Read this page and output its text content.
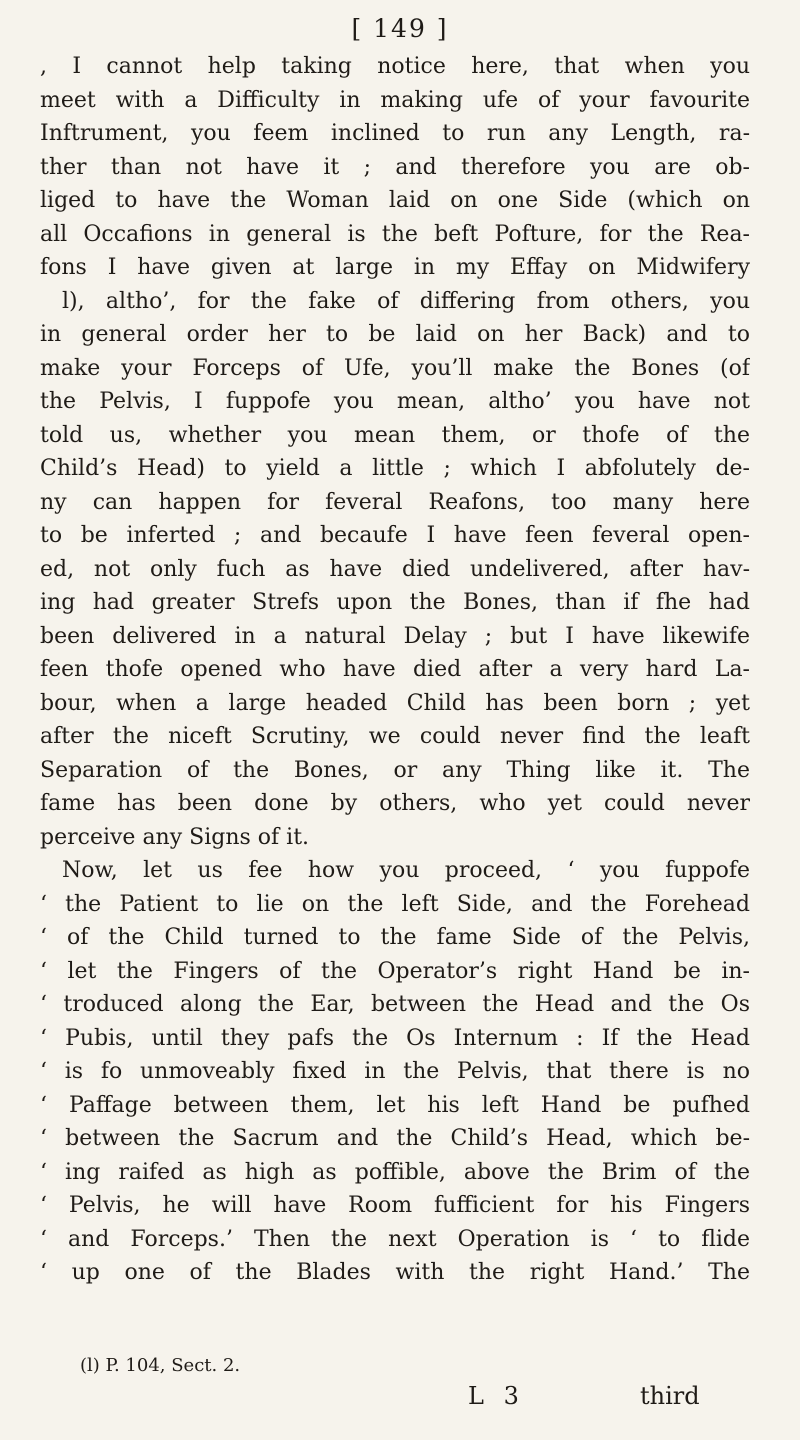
[ 149 ]
, I cannot help taking notice here, that when you
meet with a Difficulty in making ufe of your favourite
Inftrument, you feem inclined to run any Length, ra-
ther than not have it ; and therefore you are ob-
liged to have the Woman laid on one Side (which on
all Occafions in general is the beft Pofture, for the Rea-
fons I have given at large in my Effay on Midwifery
l), altho’, for the fake of differing from others, you
in general order her to be laid on her Back) and to
make your Forceps of Ufe, you’ll make the Bones (of
the Pelvis, I fuppofe you mean, altho’ you have not
told us, whether you mean them, or thofe of the
Child’s Head) to yield a little ; which I abfolutely de-
ny can happen for feveral Reafons, too many here
to be inferted ; and becaufe I have feen feveral open-
ed, not only fuch as have died undelivered, after hav-
ing had greater Strefs upon the Bones, than if fhe had
been delivered in a natural Delay ; but I have likewife
feen thofe opened who have died after a very hard La-
bour, when a large headed Child has been born ; yet
after the niceft Scrutiny, we could never find the leaft
Separation of the Bones, or any Thing like it. The
fame has been done by others, who yet could never
perceive any Signs of it.
Now, let us fee how you proceed, ‘ you fuppofe
‘ the Patient to lie on the left Side, and the Forehead
‘ of the Child turned to the fame Side of the Pelvis,
‘ let the Fingers of the Operator’s right Hand be in-
‘ troduced along the Ear, between the Head and the Os
‘ Pubis, until they pafs the Os Internum : If the Head
‘ is fo unmoveably fixed in the Pelvis, that there is no
‘ Paffage between them, let his left Hand be pufhed
‘ between the Sacrum and the Child’s Head, which be-
‘ ing raifed as high as poffible, above the Brim of the
‘ Pelvis, he will have Room fufficient for his Fingers
‘ and Forceps.’ Then the next Operation is ‘ to flide
‘ up one of the Blades with the right Hand.’ The
(l) P. 104, Sect. 2.
L 3	third
